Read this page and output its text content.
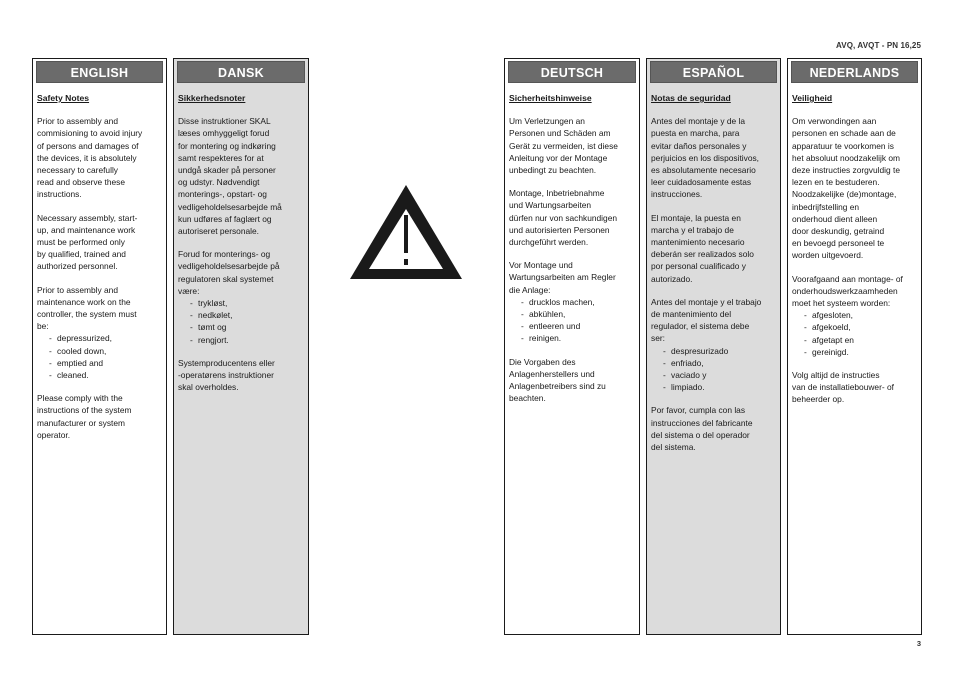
AVQ, AVQT - PN 16,25
ENGLISH
Safety Notes
Prior to assembly and
commisioning to avoid injury
of persons and damages of
the devices, it is absolutely
necessary to carefully
read and observe these
instructions.
Necessary assembly, start-
up, and maintenance work
must be performed only
by qualified, trained and
authorized personnel.
Prior to assembly and
maintenance work on the
controller, the system must
be:
- depressurized,
- cooled down,
- emptied and
- cleaned.
Please comply with the
instructions of the system
manufacturer or system
operator.
DANSK
Sikkerhedsnoter
Disse instruktioner SKAL
læses omhyggeligt forud
for montering og indkøring
samt respekteres for at
undgå skader på personer
og udstyr. Nødvendigt
monterings-, opstart- og
vedligeholdelsesarbejde må
kun udføres af faglært og
autoriseret personale.
Forud for monterings- og
vedligeholdelsesarbejde på
regulatoren skal systemet
være:
- trykløst,
- nedkølet,
- tømt og
- rengjort.
Systemproducentens eller
-operatørens instruktioner
skal overholdes.
DEUTSCH
Sicherheitshinweise
Um Verletzungen an
Personen und Schäden am
Gerät zu vermeiden, ist diese
Anleitung vor der Montage
unbedingt zu beachten.
Montage, Inbetriebnahme
und Wartungsarbeiten
dürfen nur von sachkundigen
und autorisierten Personen
durchgeführt werden.
Vor Montage und
Wartungsarbeiten am Regler
die Anlage:
- drucklos machen,
- abkühlen,
- entleeren und
- reinigen.
Die Vorgaben des
Anlagenherstellers und
Anlagenbetreibers sind zu
beachten.
ESPAÑOL
Notas de seguridad
Antes del montaje y de la
puesta en marcha, para
evitar daños personales y
perjuicios en los dispositivos,
es absolutamente necesario
leer cuidadosamente estas
instrucciones.
El montaje, la puesta en
marcha y el trabajo de
mantenimiento necesario
deberán ser realizados solo
por personal cualificado y
autorizado.
Antes del montaje y el trabajo
de mantenimiento del
regulador, el sistema debe
ser:
- despresurizado
- enfriado,
- vaciado y
- limpiado.
Por favor, cumpla con las
instrucciones del fabricante
del sistema o del operador
del sistema.
NEDERLANDS
Veiligheid
Om verwondingen aan
personen en schade aan de
apparatuur te voorkomen is
het absoluut noodzakelijk om
deze instructies zorgvuldig te
lezen en te bestuderen.
Noodzakelijke (de)montage,
inbedrijfstelling en
onderhoud dient alleen
door deskundig, getraind
en bevoegd personeel te
worden uitgevoerd.
Voorafgaand aan montage- of
onderhoudswerkzaamheden
moet het systeem worden:
- afgesloten,
- afgekoeld,
- afgetapt en
- gereinigd.
Volg altijd de instructies
van de installatiebouwer- of
beheerder op.
3
